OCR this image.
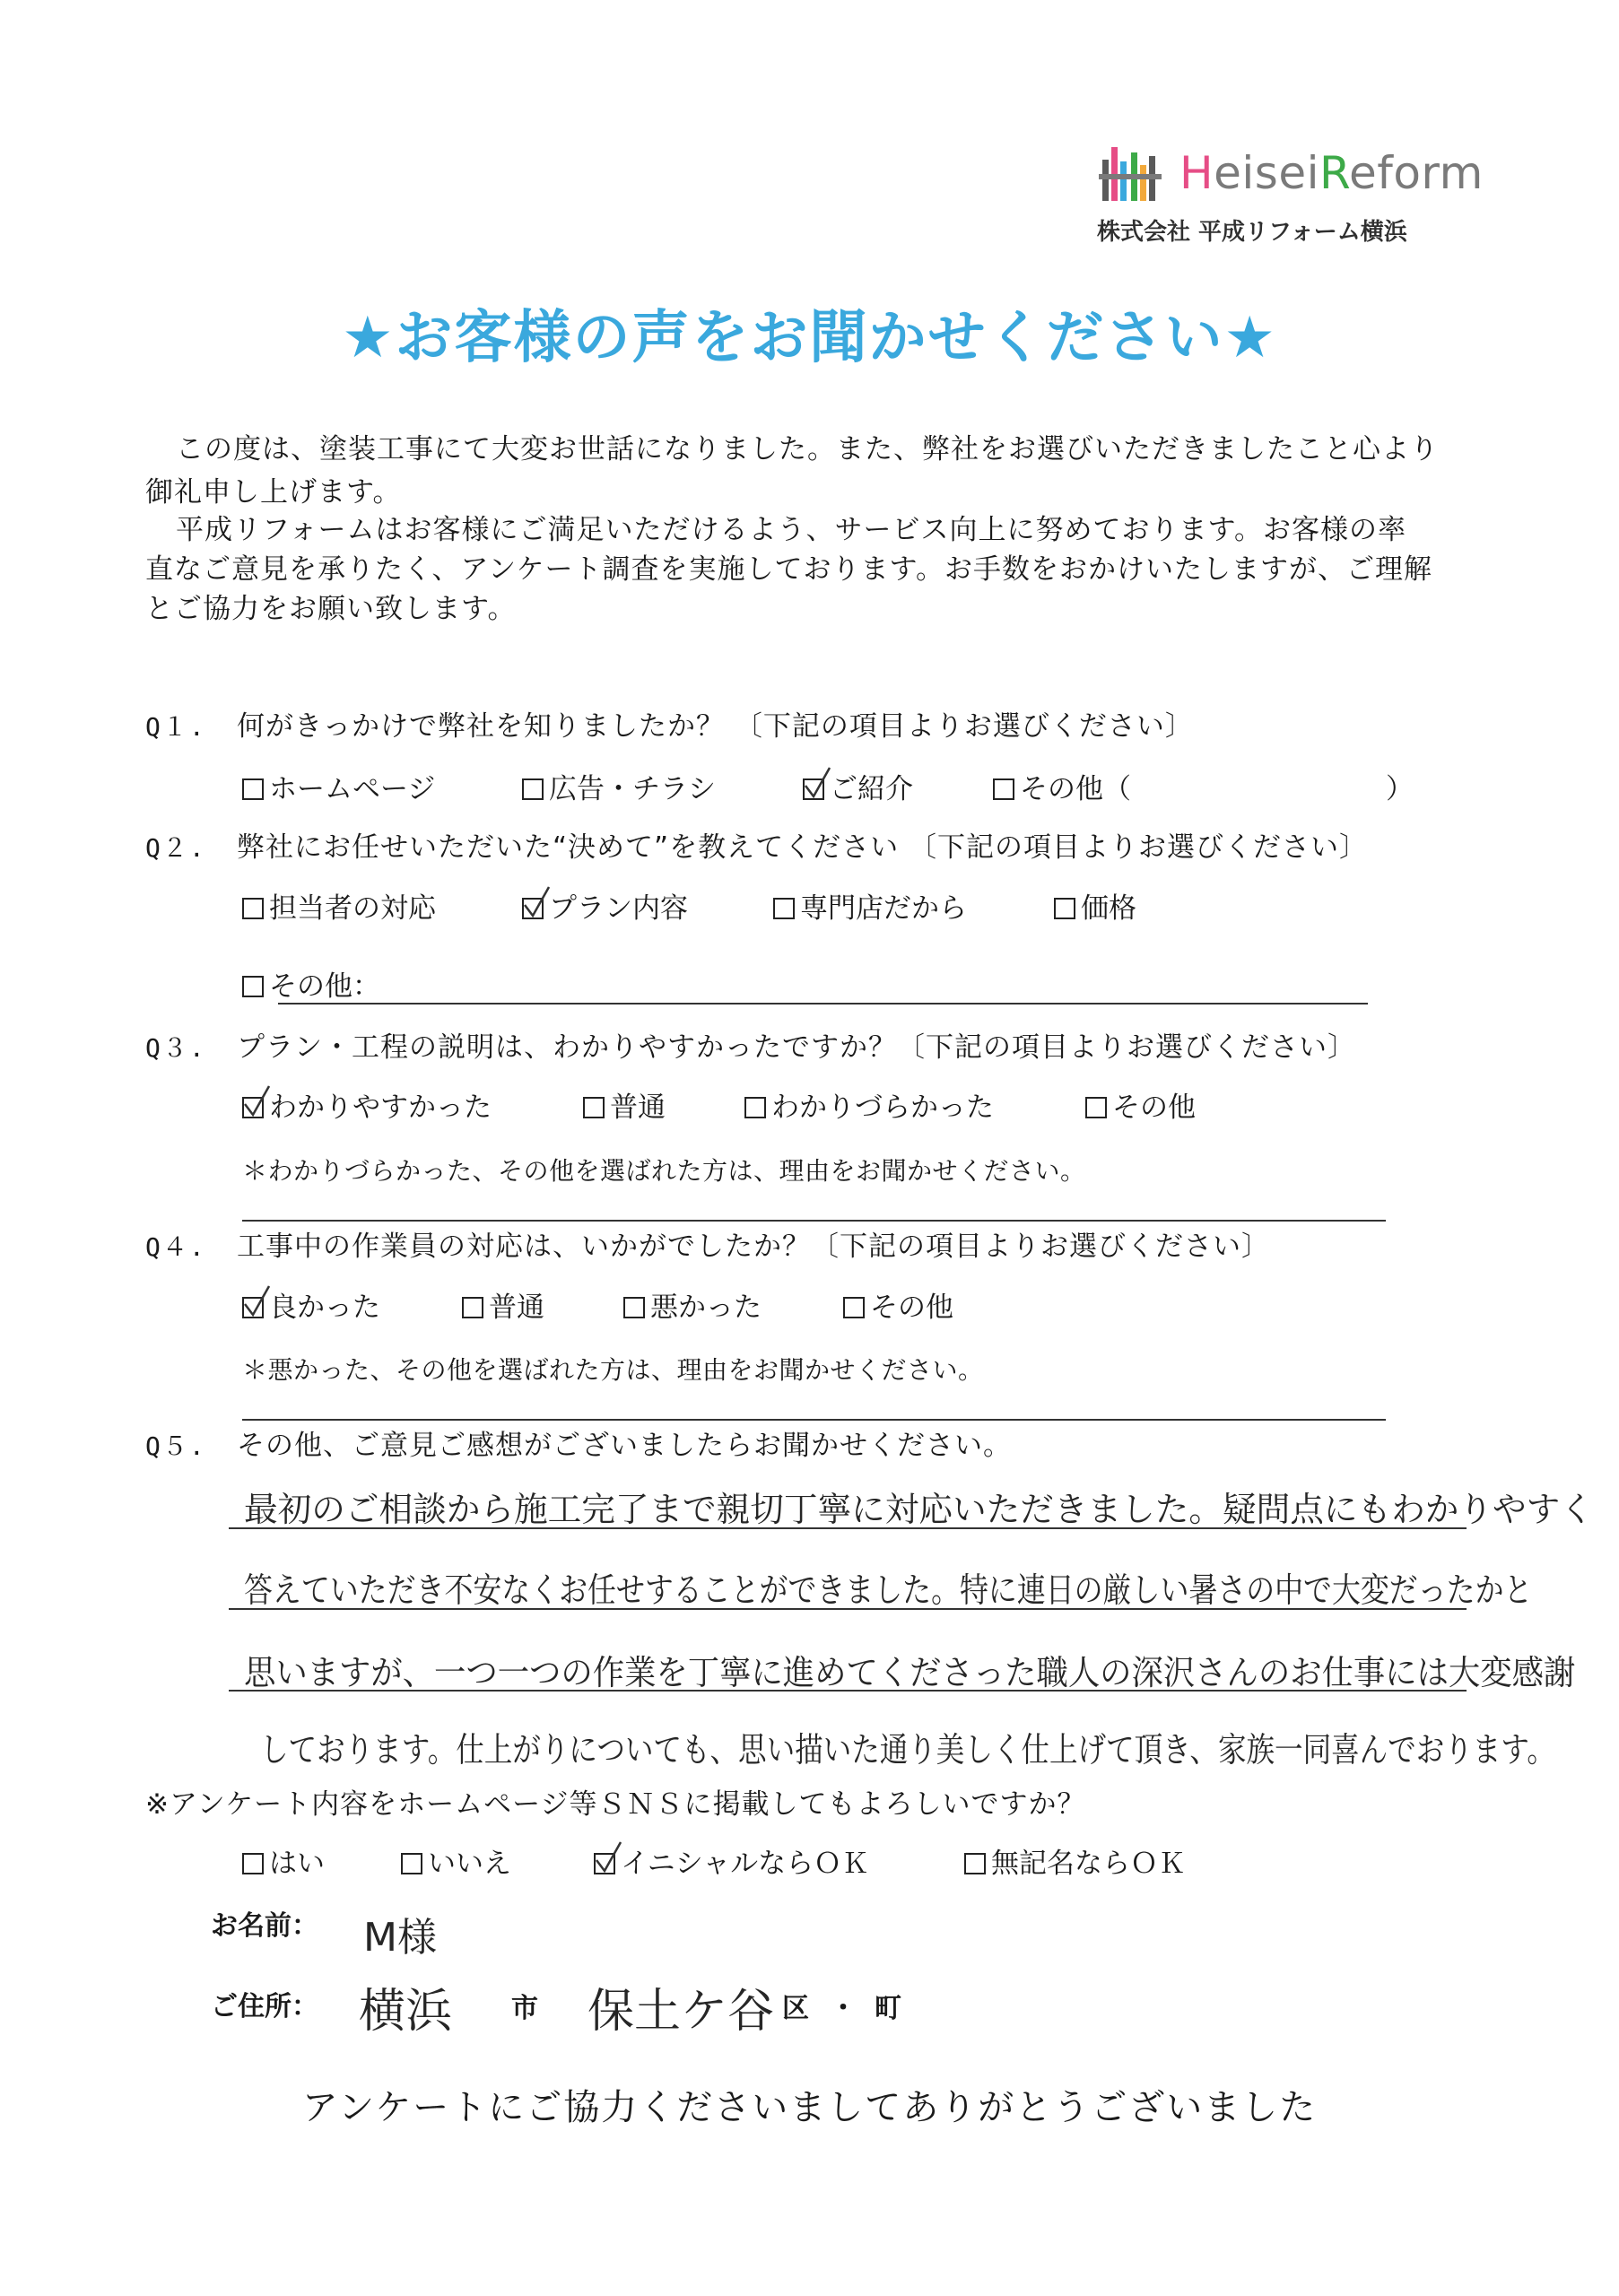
HeiseiReform
株式会社 平成リフォーム横浜
★お客様の声をお聞かせください★
この度は、塗装工事にて大変お世話になりました。また、弊社をお選びいただきましたこと心より
御礼申し上げます。
平成リフォームはお客様にご満足いただけるよう、サービス向上に努めております。お客様の率
直なご意見を承りたく、アンケート調査を実施しております。お手数をおかけいたしますが、ご理解
とご協力をお願い致します。
Q１. 何がきっかけで弊社を知りましたか？ 〔下記の項目よりお選びください〕
ホームページ	広告・チラシ	ご紹介	その他（	）
Q２. 弊社にお任せいただいた“決めて”を教えてください 〔下記の項目よりお選びください〕
担当者の対応	プラン内容	専門店だから	価格
その他：
Q３. プラン・工程の説明は、わかりやすかったですか？〔下記の項目よりお選びください〕
わかりやすかった	普通	わかりづらかった	その他
＊わかりづらかった、その他を選ばれた方は、理由をお聞かせください。
Q４. 工事中の作業員の対応は、いかがでしたか？〔下記の項目よりお選びください〕
良かった	普通	悪かった	その他
＊悪かった、その他を選ばれた方は、理由をお聞かせください。
Q５. その他、ご意見ご感想がございましたらお聞かせください。
最初のご相談から施工完了まで親切丁寧に対応いただきました。疑問点にもわかりやすく
答えていただき不安なくお任せすることができました。特に連日の厳しい暑さの中で大変だったかと
思いますが、一つ一つの作業を丁寧に進めてくださった職人の深沢さんのお仕事には大変感謝
しております。仕上がりについても、思い描いた通り美しく仕上げて頂き、家族一同喜んでおります。
※アンケート内容をホームページ等ＳＮＳに掲載してもよろしいですか？
はい	いいえ	イニシャルならＯＫ	無記名ならＯＫ
お名前： M様
ご住所： 横浜 市 保土ケ谷 区 ・ 町
アンケートにご協力くださいましてありがとうございました
